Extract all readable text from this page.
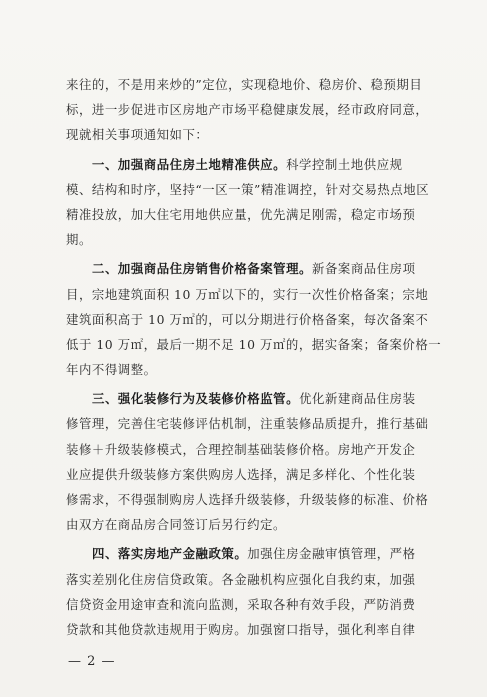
来往的，不是用来炒的”定位，实现稳地价、稳房价、稳预期目
标，进一步促进市区房地产市场平稳健康发展，经市政府同意，
现就相关事项通知如下：
一、加强商品住房土地精准供应。科学控制土地供应规
模、结构和时序，坚持“一区一策”精准调控，针对交易热点地区
精准投放，加大住宅用地供应量，优先满足刚需，稳定市场预
期。
二、加强商品住房销售价格备案管理。新备案商品住房项
目，宗地建筑面积 10 万㎡以下的，实行一次性价格备案；宗地
建筑面积高于 10 万㎡的，可以分期进行价格备案，每次备案不
低于 10 万㎡，最后一期不足 10 万㎡的，据实备案；备案价格一
年内不得调整。
三、强化装修行为及装修价格监管。优化新建商品住房装
修管理，完善住宅装修评估机制，注重装修品质提升，推行基础
装修＋升级装修模式，合理控制基础装修价格。房地产开发企
业应提供升级装修方案供购房人选择，满足多样化、个性化装
修需求，不得强制购房人选择升级装修，升级装修的标准、价格
由双方在商品房合同签订后另行约定。
四、落实房地产金融政策。加强住房金融审慎管理，严格
落实差别化住房信贷政策。各金融机构应强化自我约束，加强
信贷资金用途审查和流向监测，采取各种有效手段，严防消费
贷款和其他贷款违规用于购房。加强窗口指导，强化利率自律
— 2 —
